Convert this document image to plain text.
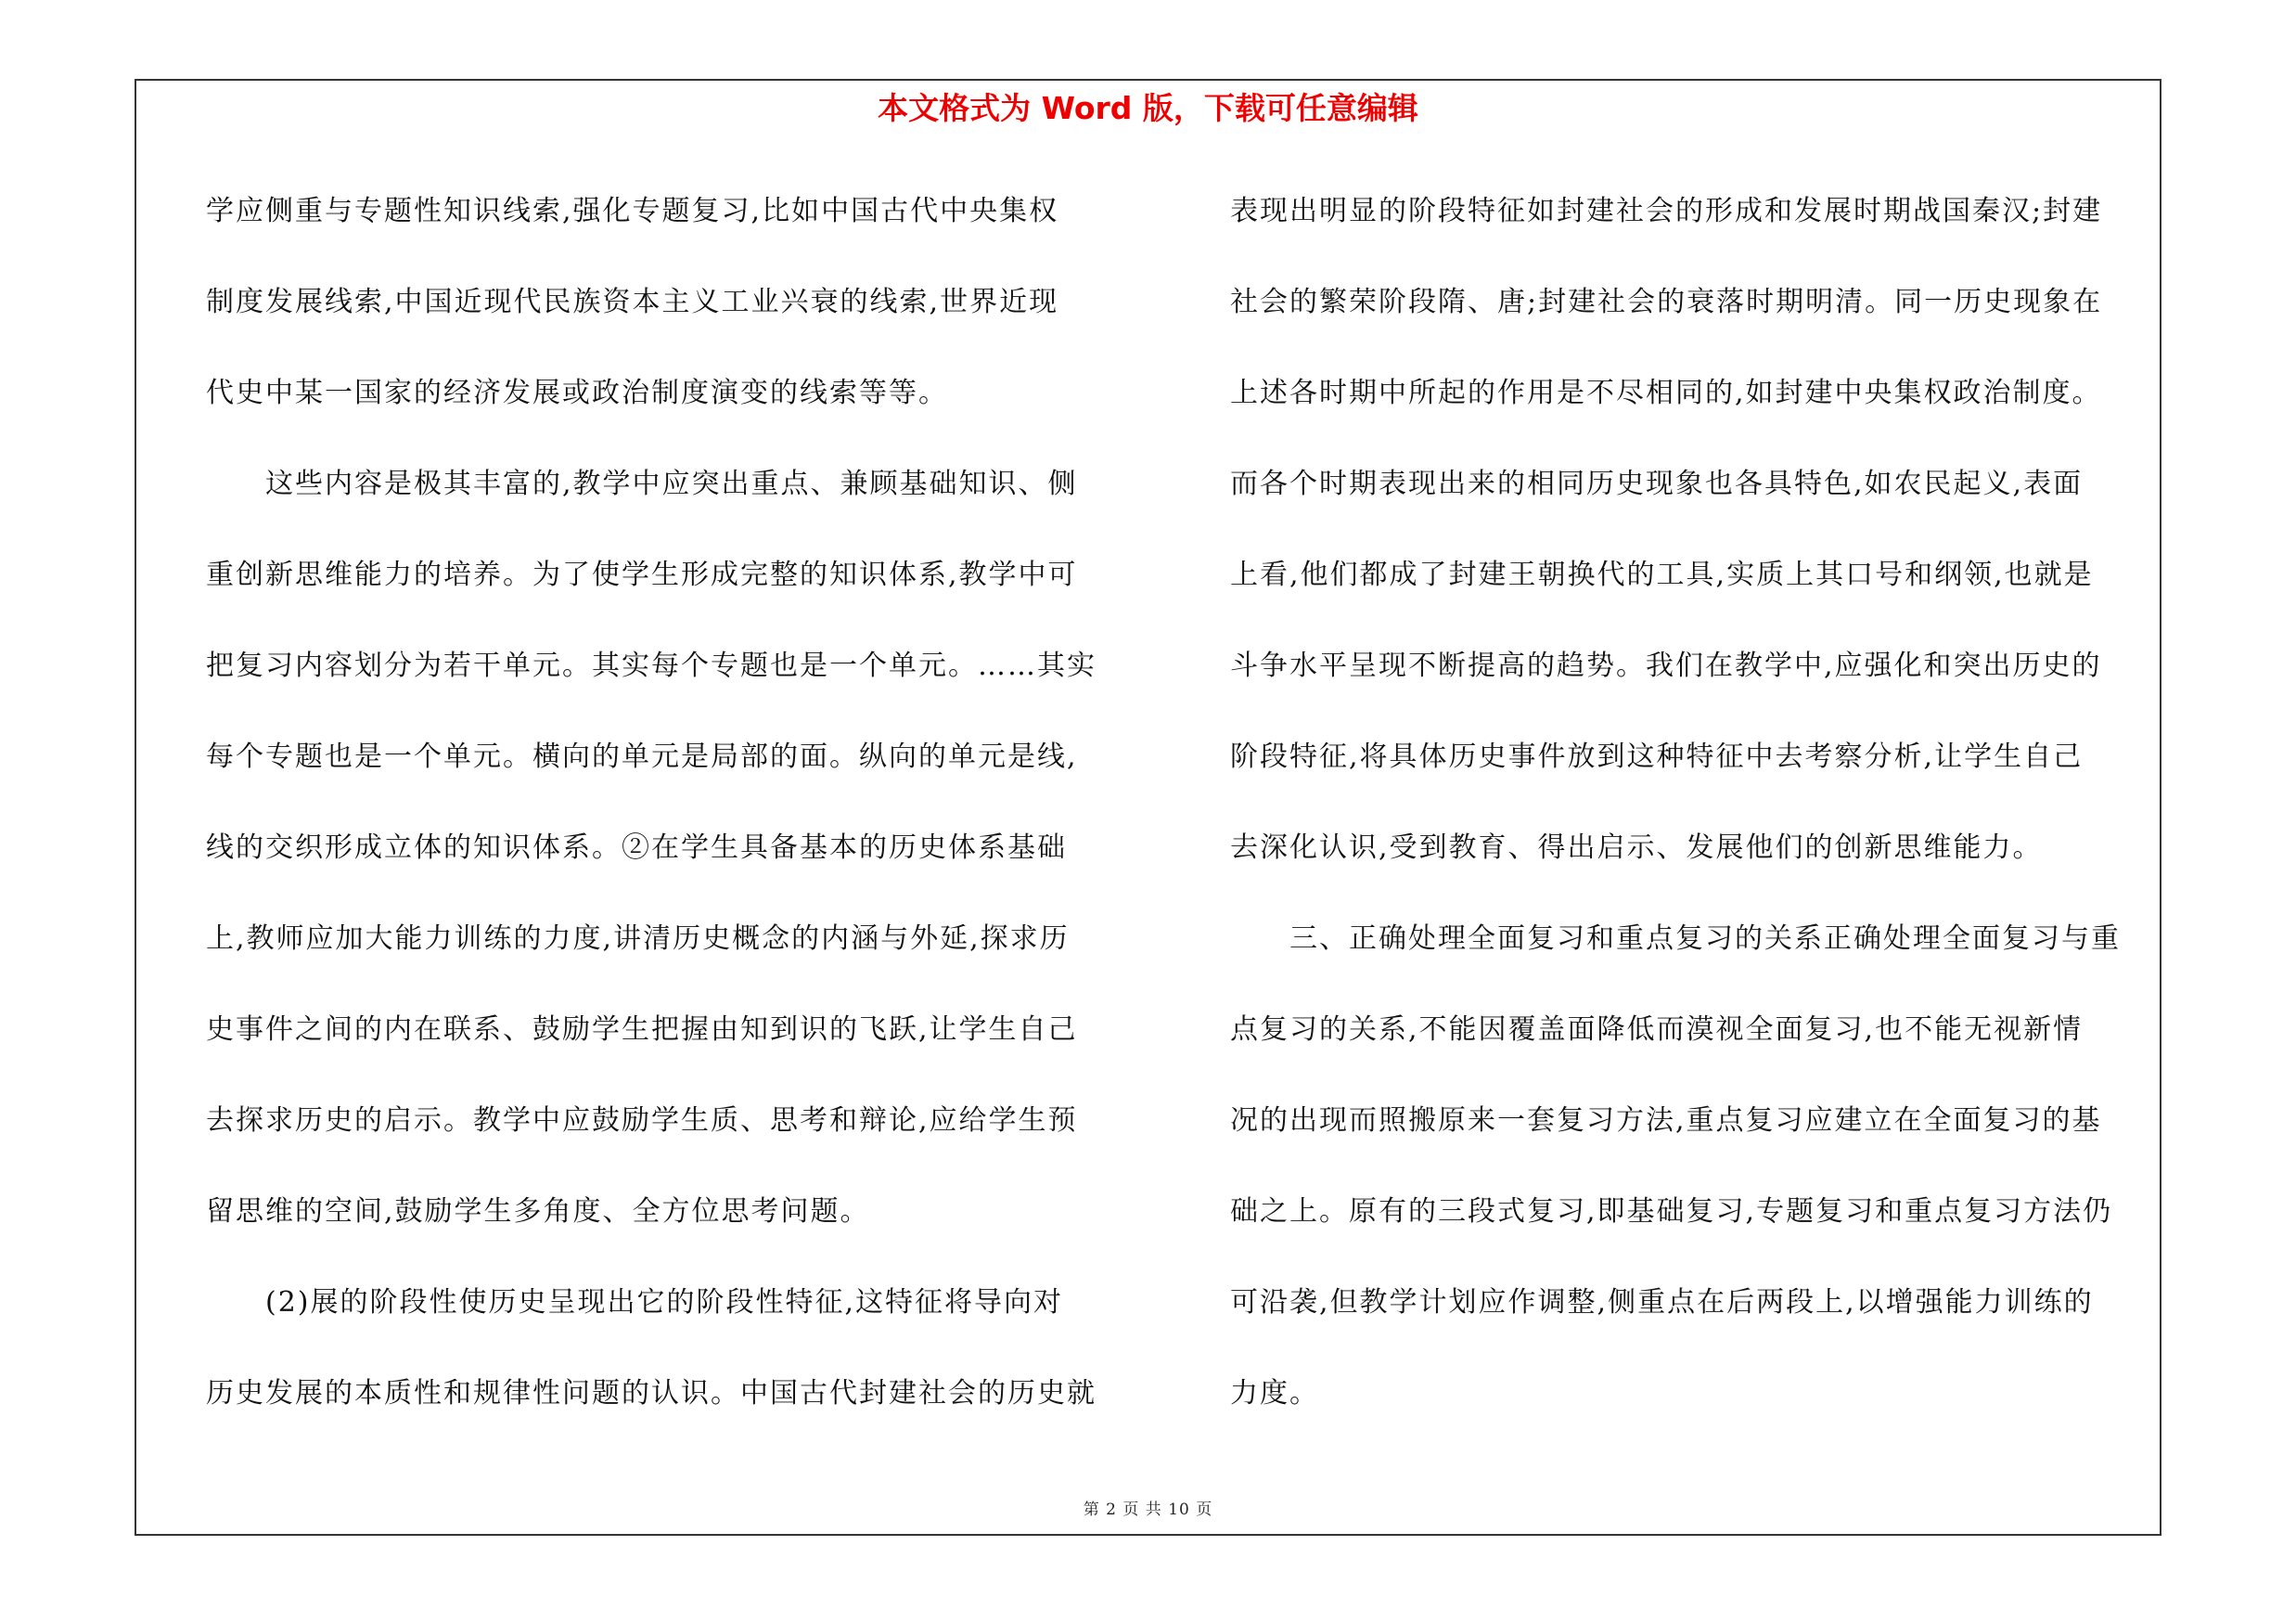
本文格式为 Word 版，下载可任意编辑
学应侧重与专题性知识线索,强化专题复习,比如中国古代中央集权
制度发展线索,中国近现代民族资本主义工业兴衰的线索,世界近现
代史中某一国家的经济发展或政治制度演变的线索等等。
　　这些内容是极其丰富的,教学中应突出重点、兼顾基础知识、侧
重创新思维能力的培养。为了使学生形成完整的知识体系,教学中可
把复习内容划分为若干单元。其实每个专题也是一个单元。……其实
每个专题也是一个单元。横向的单元是局部的面。纵向的单元是线,
线的交织形成立体的知识体系。②在学生具备基本的历史体系基础
上,教师应加大能力训练的力度,讲清历史概念的内涵与外延,探求历
史事件之间的内在联系、鼓励学生把握由知到识的飞跃,让学生自己
去探求历史的启示。教学中应鼓励学生质、思考和辩论,应给学生预
留思维的空间,鼓励学生多角度、全方位思考问题。
　　(2)展的阶段性使历史呈现出它的阶段性特征,这特征将导向对
历史发展的本质性和规律性问题的认识。中国古代封建社会的历史就
表现出明显的阶段特征如封建社会的形成和发展时期战国秦汉;封建
社会的繁荣阶段隋、唐;封建社会的衰落时期明清。同一历史现象在
上述各时期中所起的作用是不尽相同的,如封建中央集权政治制度。
而各个时期表现出来的相同历史现象也各具特色,如农民起义,表面
上看,他们都成了封建王朝换代的工具,实质上其口号和纲领,也就是
斗争水平呈现不断提高的趋势。我们在教学中,应强化和突出历史的
阶段特征,将具体历史事件放到这种特征中去考察分析,让学生自己
去深化认识,受到教育、得出启示、发展他们的创新思维能力。
　　三、正确处理全面复习和重点复习的关系正确处理全面复习与重
点复习的关系,不能因覆盖面降低而漠视全面复习,也不能无视新情
况的出现而照搬原来一套复习方法,重点复习应建立在全面复习的基
础之上。原有的三段式复习,即基础复习,专题复习和重点复习方法仍
可沿袭,但教学计划应作调整,侧重点在后两段上,以增强能力训练的
力度。
第 2 页 共 10 页
